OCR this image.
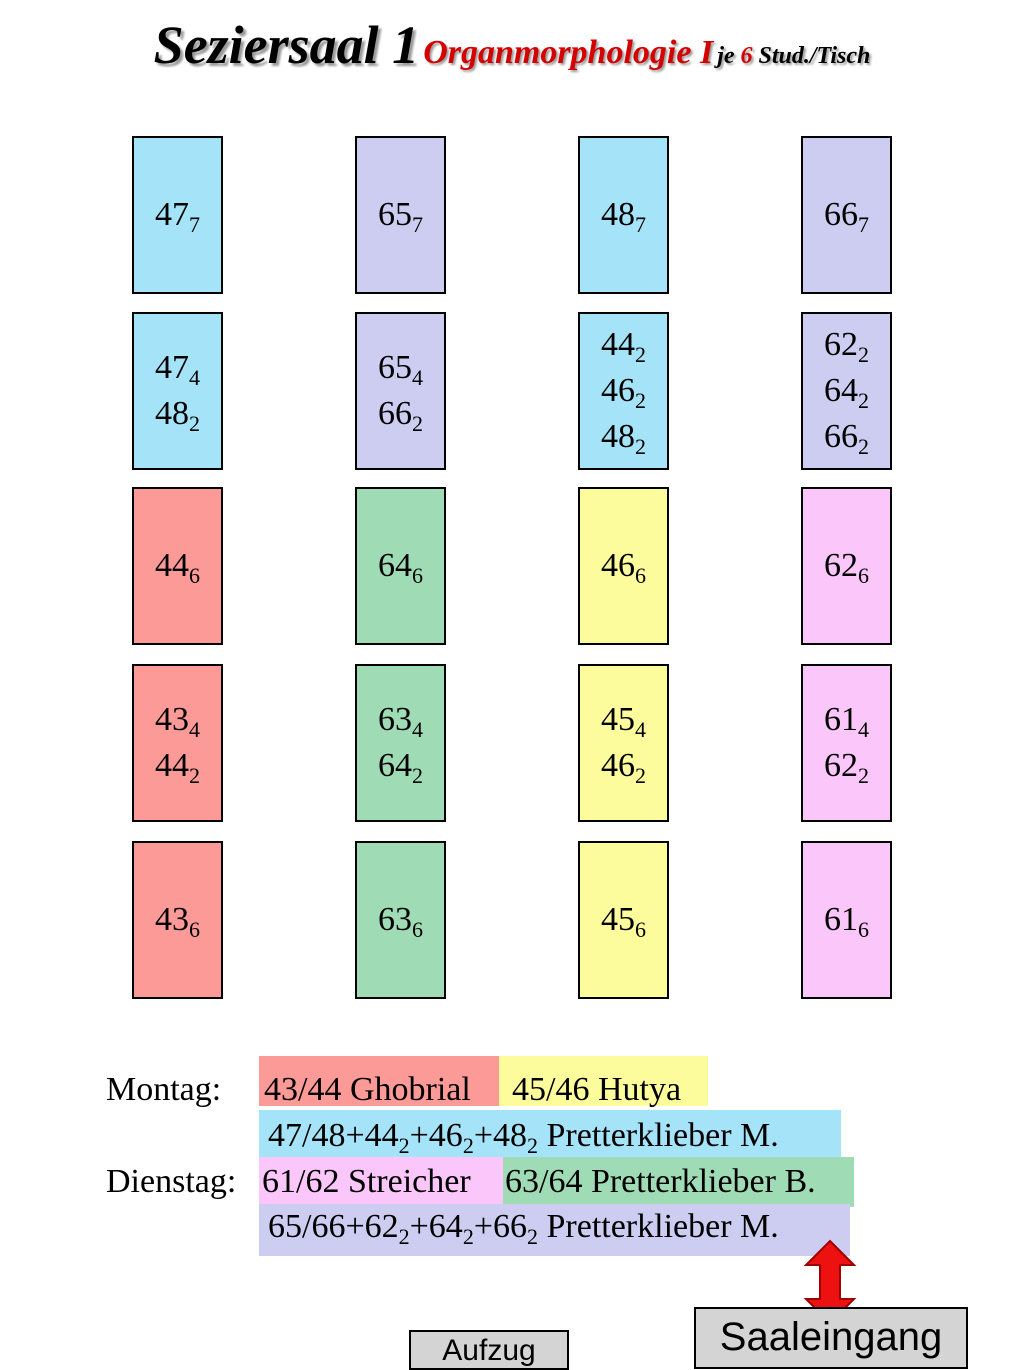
Seziersaal 1 Organmorphologie I je 6 Stud./Tisch
$47_7$	$65_7$	$48_7$	$66_7$
$47_4$
$48_2$
$65_4$
$66_2$
$44_2$
$46_2$
$48_2$
$62_2$
$64_2$
$66_2$
$44_6$	$64_6$	$46_6$	$62_6$
$43_4$
$44_2$
$63_4$
$64_2$
$45_4$
$46_2$
$61_4$
$62_2$
$43_6$	$63_6$	$45_6$	$61_6$
Montag: 43/44 Ghobrial 45/46 Hutya
$47/48+44_2+46_2+48_2$ Pretterklieber M.
Dienstag: 61/62 Streicher 63/64 Pretterklieber B.
$65/66+62_2+64_2+66_2$ Pretterklieber M.
Aufzug	Saaleingang
